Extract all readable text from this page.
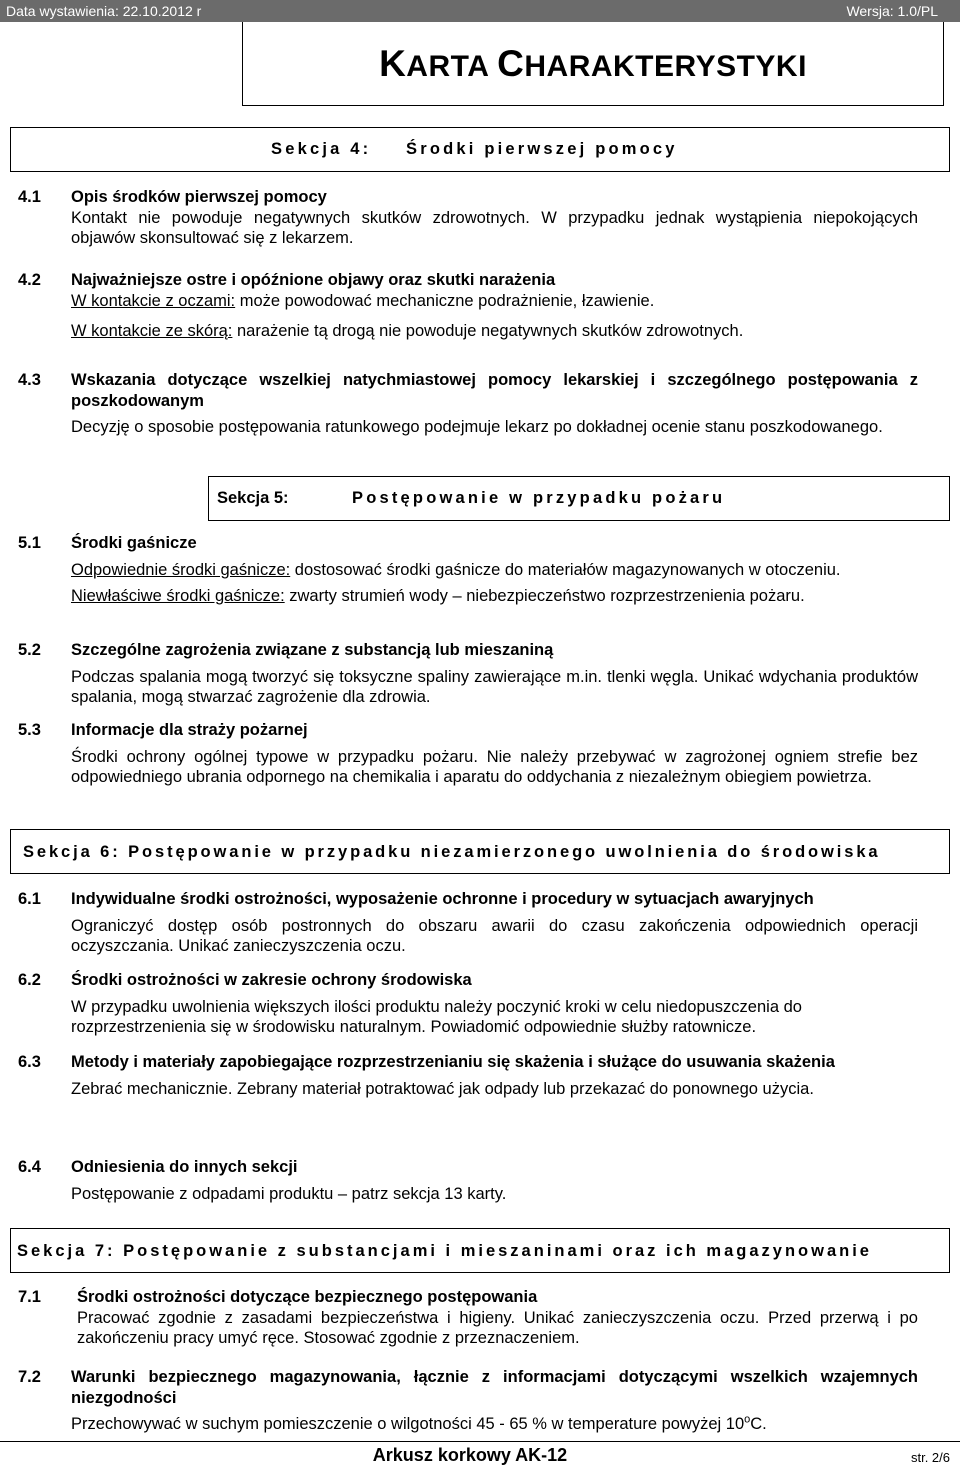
Data wystawienia: 22.10.2012 r	Wersja: 1.0/PL
KARTA CHARAKTERYSTYKI
Sekcja 4: Środki pierwszej pomocy
4.1 Opis środków pierwszej pomocy
Kontakt nie powoduje negatywnych skutków zdrowotnych. W przypadku jednak wystąpienia niepokojących objawów skonsultować się z lekarzem.
4.2 Najważniejsze ostre i opóźnione objawy oraz skutki narażenia
W kontakcie z oczami: może powodować mechaniczne podrażnienie, łzawienie.
W kontakcie ze skórą: narażenie tą drogą nie powoduje negatywnych skutków zdrowotnych.
4.3 Wskazania dotyczące wszelkiej natychmiastowej pomocy lekarskiej i szczególnego postępowania z poszkodowanym
Decyzję o sposobie postępowania ratunkowego podejmuje lekarz po dokładnej ocenie stanu poszkodowanego.
Sekcja 5:	Postępowanie w przypadku pożaru
5.1 Środki gaśnicze
Odpowiednie środki gaśnicze: dostosować środki gaśnicze do materiałów magazynowanych w otoczeniu.
Niewłaściwe środki gaśnicze: zwarty strumień wody – niebezpieczeństwo rozprzestrzenienia pożaru.
5.2 Szczególne zagrożenia związane z substancją lub mieszaniną
Podczas spalania mogą tworzyć się toksyczne spaliny zawierające m.in. tlenki węgla. Unikać wdychania produktów spalania, mogą stwarzać zagrożenie dla zdrowia.
5.3 Informacje dla straży pożarnej
Środki ochrony ogólnej typowe w przypadku pożaru. Nie należy przebywać w zagrożonej ogniem strefie bez odpowiedniego ubrania odpornego na chemikalia i aparatu do oddychania z niezależnym obiegiem powietrza.
Sekcja 6: Postępowanie w przypadku niezamierzonego uwolnienia do środowiska
6.1 Indywidualne środki ostrożności, wyposażenie ochronne i procedury w sytuacjach awaryjnych
Ograniczyć dostęp osób postronnych do obszaru awarii do czasu zakończenia odpowiednich operacji oczyszczania. Unikać zanieczyszczenia oczu.
6.2 Środki ostrożności w zakresie ochrony środowiska
W przypadku uwolnienia większych ilości produktu należy poczynić kroki w celu niedopuszczenia do rozprzestrzenienia się w środowisku naturalnym. Powiadomić odpowiednie służby ratownicze.
6.3 Metody i materiały zapobiegające rozprzestrzenianiu się skażenia i służące do usuwania skażenia
Zebrać mechanicznie. Zebrany materiał potraktować jak odpady lub przekazać do ponownego użycia.
6.4 Odniesienia do innych sekcji
Postępowanie z odpadami produktu – patrz sekcja 13 karty.
Sekcja 7: Postępowanie z substancjami i mieszaninami oraz ich magazynowanie
7.1 Środki ostrożności dotyczące bezpiecznego postępowania
Pracować zgodnie z zasadami bezpieczeństwa i higieny. Unikać zanieczyszczenia oczu. Przed przerwą i po zakończeniu pracy umyć ręce. Stosować zgodnie z przeznaczeniem.
7.2 Warunki bezpiecznego magazynowania, łącznie z informacjami dotyczącymi wszelkich wzajemnych niezgodności
Przechowywać w suchym pomieszczenie o wilgotności 45 - 65 % w temperature powyżej 10$^o$C.
Arkusz korkowy AK-12	str. 2/6
